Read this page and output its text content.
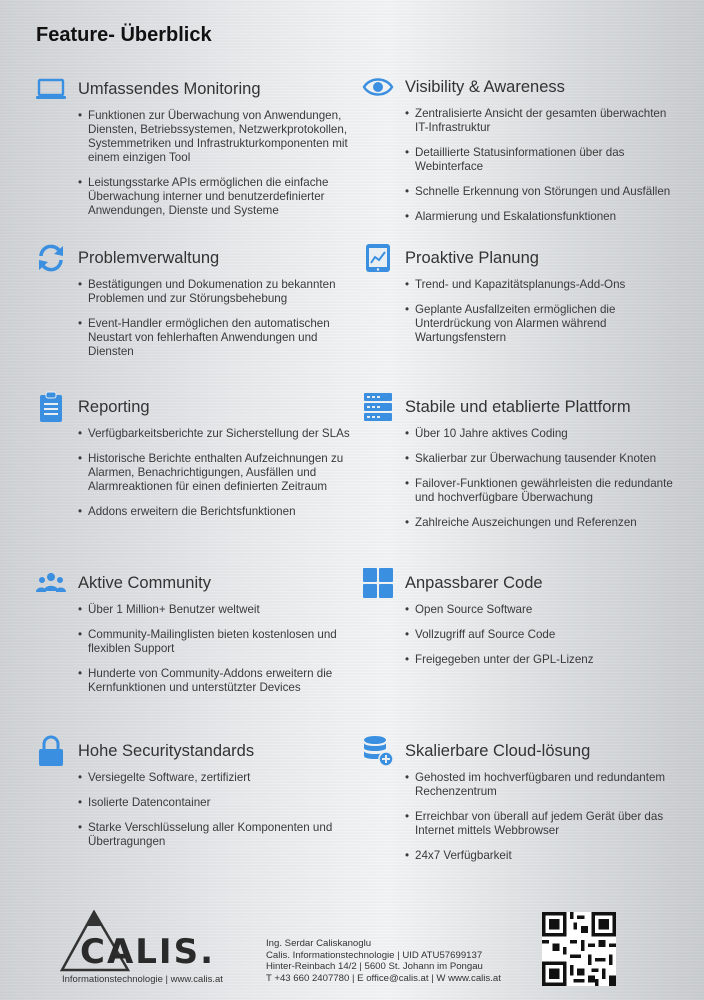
Feature- Überblick
Umfassendes Monitoring
• Funktionen zur Überwachung von Anwendungen, Diensten, Betriebssystemen, Netzwerkprotokollen, Systemmetriken und Infrastrukturkomponenten mit einem einzigen Tool
• Leistungsstarke APIs ermöglichen die einfache Überwachung interner und benutzerdefinierter Anwendungen, Dienste und Systeme
Visibility & Awareness
• Zentralisierte Ansicht der gesamten überwachten IT-Infrastruktur
• Detaillierte Statusinformationen über das Webinterface
• Schnelle Erkennung von Störungen und Ausfällen
• Alarmierung und Eskalationsfunktionen
Problemverwaltung
• Bestätigungen und Dokumenation zu bekannten Problemen und zur Störungsbehebung
• Event-Handler ermöglichen den automatischen Neustart von fehlerhaften Anwendungen und Diensten
Proaktive Planung
• Trend- und Kapazitätsplanungs-Add-Ons
• Geplante Ausfallzeiten ermöglichen die Unterdrückung von Alarmen während Wartungsfenstern
Reporting
• Verfügbarkeitsberichte zur Sicherstellung der SLAs
• Historische Berichte enthalten Aufzeichnungen zu Alarmen, Benachrichtigungen, Ausfällen und Alarmreaktionen für einen definierten Zeitraum
• Addons erweitern die Berichtsfunktionen
Stabile und etablierte Plattform
• Über 10 Jahre aktives Coding
• Skalierbar zur Überwachung tausender Knoten
• Failover-Funktionen gewährleisten die redundante und hochverfügbare Überwachung
• Zahlreiche Auszeichungen und Referenzen
Aktive Community
• Über 1 Million+ Benutzer weltweit
• Community-Mailinglisten bieten kostenlosen und flexiblen Support
• Hunderte von Community-Addons erweitern die Kernfunktionen und unterstützter Devices
Anpassbarer Code
• Open Source Software
• Vollzugriff auf Source Code
• Freigegeben unter der GPL-Lizenz
Hohe Securitystandards
• Versiegelte Software, zertifiziert
• Isolierte Datencontainer
• Starke Verschlüsselung aller Komponenten und Übertragungen
Skalierbare Cloud-lösung
• Gehosted im hochverfügbaren und redundantem Rechenzentrum
• Erreichbar von überall auf jedem Gerät über das Internet mittels Webbrowser
• 24x7 Verfügbarkeit
CALIS.
Informationstechnologie | www.calis.at
Ing. Serdar Caliskanoglu
Calis. Informationstechnologie | UID ATU57699137
Hinter-Reinbach 14/2 | 5600 St. Johann im Pongau
T +43 660 2407780 | E office@calis.at | W www.calis.at
